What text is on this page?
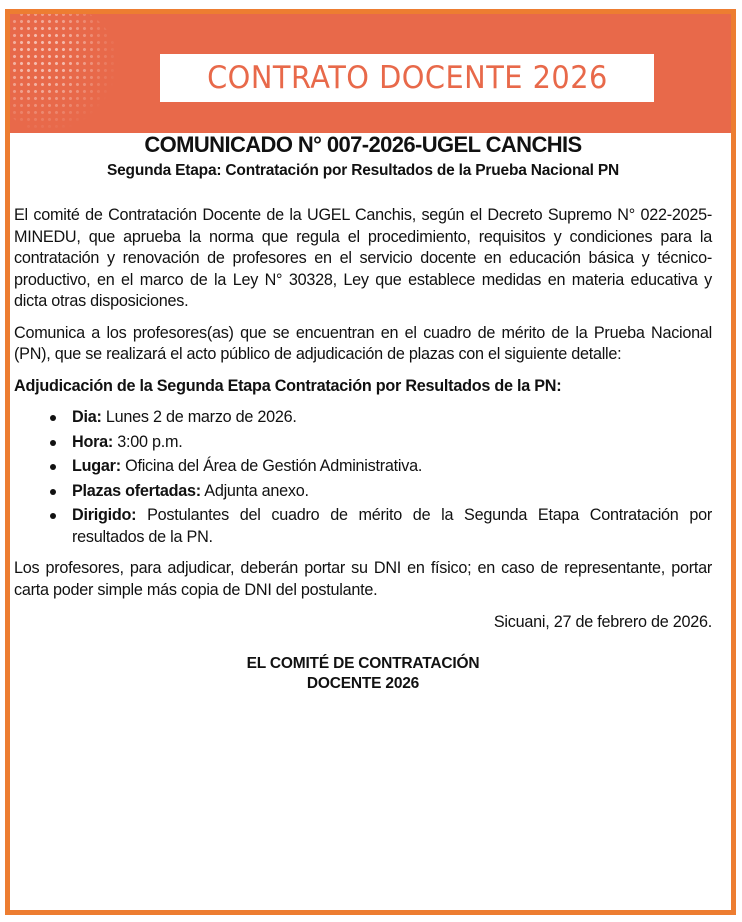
CONTRATO DOCENTE 2026
COMUNICADO N° 007-2026-UGEL CANCHIS
Segunda Etapa: Contratación por Resultados de la Prueba Nacional PN

El comité de Contratación Docente de la UGEL Canchis, según el Decreto Supremo N° 022-2025-MINEDU, que aprueba la norma que regula el procedimiento, requisitos y condiciones para la contratación y renovación de profesores en el servicio docente en educación básica y técnico-productivo, en el marco de la Ley N° 30328, Ley que establece medidas en materia educativa y dicta otras disposiciones.

Comunica a los profesores(as) que se encuentran en el cuadro de mérito de la Prueba Nacional (PN), que se realizará el acto público de adjudicación de plazas con el siguiente detalle:

Adjudicación de la Segunda Etapa Contratación por Resultados de la PN:

Dia: Lunes 2 de marzo de 2026.
Hora: 3:00 p.m.
Lugar: Oficina del Área de Gestión Administrativa.
Plazas ofertadas: Adjunta anexo.
Dirigido: Postulantes del cuadro de mérito de la Segunda Etapa Contratación por resultados de la PN.

Los profesores, para adjudicar, deberán portar su DNI en físico; en caso de representante, portar carta poder simple más copia de DNI del postulante.

Sicuani, 27 de febrero de 2026.
EL COMITÉ DE CONTRATACIÓN
DOCENTE 2026
